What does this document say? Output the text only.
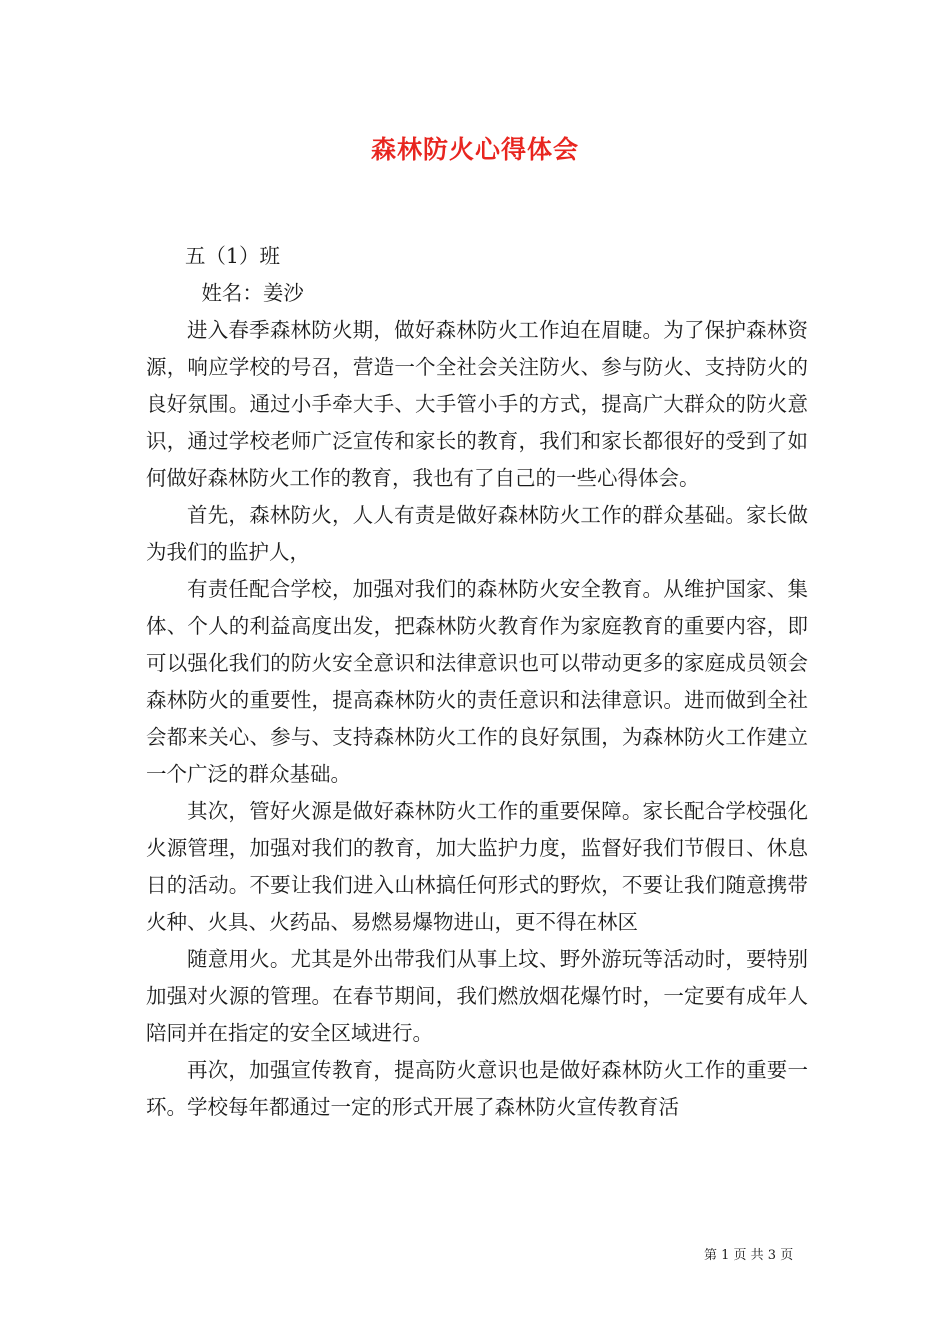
森林防火心得体会

五（1）班

姓名：姜沙

进入春季森林防火期，做好森林防火工作迫在眉睫。为了保护森林资源，响应学校的号召，营造一个全社会关注防火、参与防火、支持防火的良好氛围。通过小手牵大手、大手管小手的方式，提高广大群众的防火意识，通过学校老师广泛宣传和家长的教育，我们和家长都很好的受到了如何做好森林防火工作的教育，我也有了自己的一些心得体会。

首先，森林防火，人人有责是做好森林防火工作的群众基础。家长做为我们的监护人，

有责任配合学校，加强对我们的森林防火安全教育。从维护国家、集体、个人的利益高度出发，把森林防火教育作为家庭教育的重要内容，即可以强化我们的防火安全意识和法律意识也可以带动更多的家庭成员领会森林防火的重要性，提高森林防火的责任意识和法律意识。进而做到全社会都来关心、参与、支持森林防火工作的良好氛围，为森林防火工作建立一个广泛的群众基础。

其次，管好火源是做好森林防火工作的重要保障。家长配合学校强化火源管理，加强对我们的教育，加大监护力度，监督好我们节假日、休息日的活动。不要让我们进入山林搞任何形式的野炊，不要让我们随意携带火种、火具、火药品、易燃易爆物进山，更不得在林区

随意用火。尤其是外出带我们从事上坟、野外游玩等活动时，要特别加强对火源的管理。在春节期间，我们燃放烟花爆竹时，一定要有成年人陪同并在指定的安全区域进行。

再次，加强宣传教育，提高防火意识也是做好森林防火工作的重要一环。学校每年都通过一定的形式开展了森林防火宣传教育活

第 1 页 共 3 页
